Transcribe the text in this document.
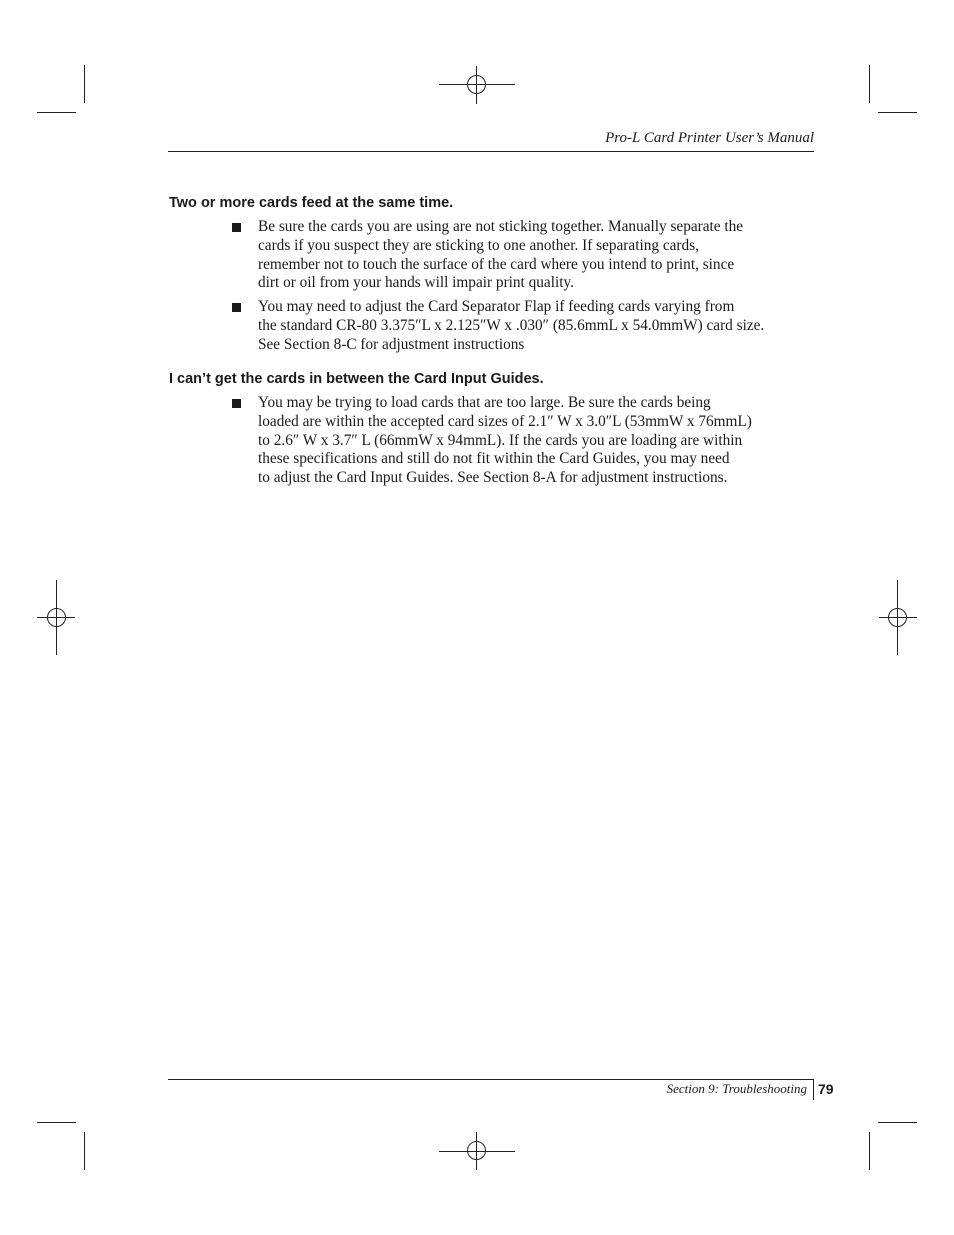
Pro-L Card Printer User’s Manual
Two or more cards feed at the same time.
Be sure the cards you are using are not sticking together. Manually separate the
cards if you suspect they are sticking to one another. If separating cards,
remember not to touch the surface of the card where you intend to print, since
dirt or oil from your hands will impair print quality.
You may need to adjust the Card Separator Flap if feeding cards varying from
the standard CR-80 3.375″L x 2.125″W x .030″ (85.6mmL x 54.0mmW) card size.
See Section 8-C for adjustment instructions
I can’t get the cards in between the Card Input Guides.
You may be trying to load cards that are too large. Be sure the cards being
loaded are within the accepted card sizes of 2.1″ W x 3.0″L (53mmW x 76mmL)
to 2.6″ W x 3.7″ L (66mmW x 94mmL). If the cards you are loading are within
these specifications and still do not fit within the Card Guides, you may need
to adjust the Card Input Guides. See Section 8-A for adjustment instructions.
Section 9: Troubleshooting 79
